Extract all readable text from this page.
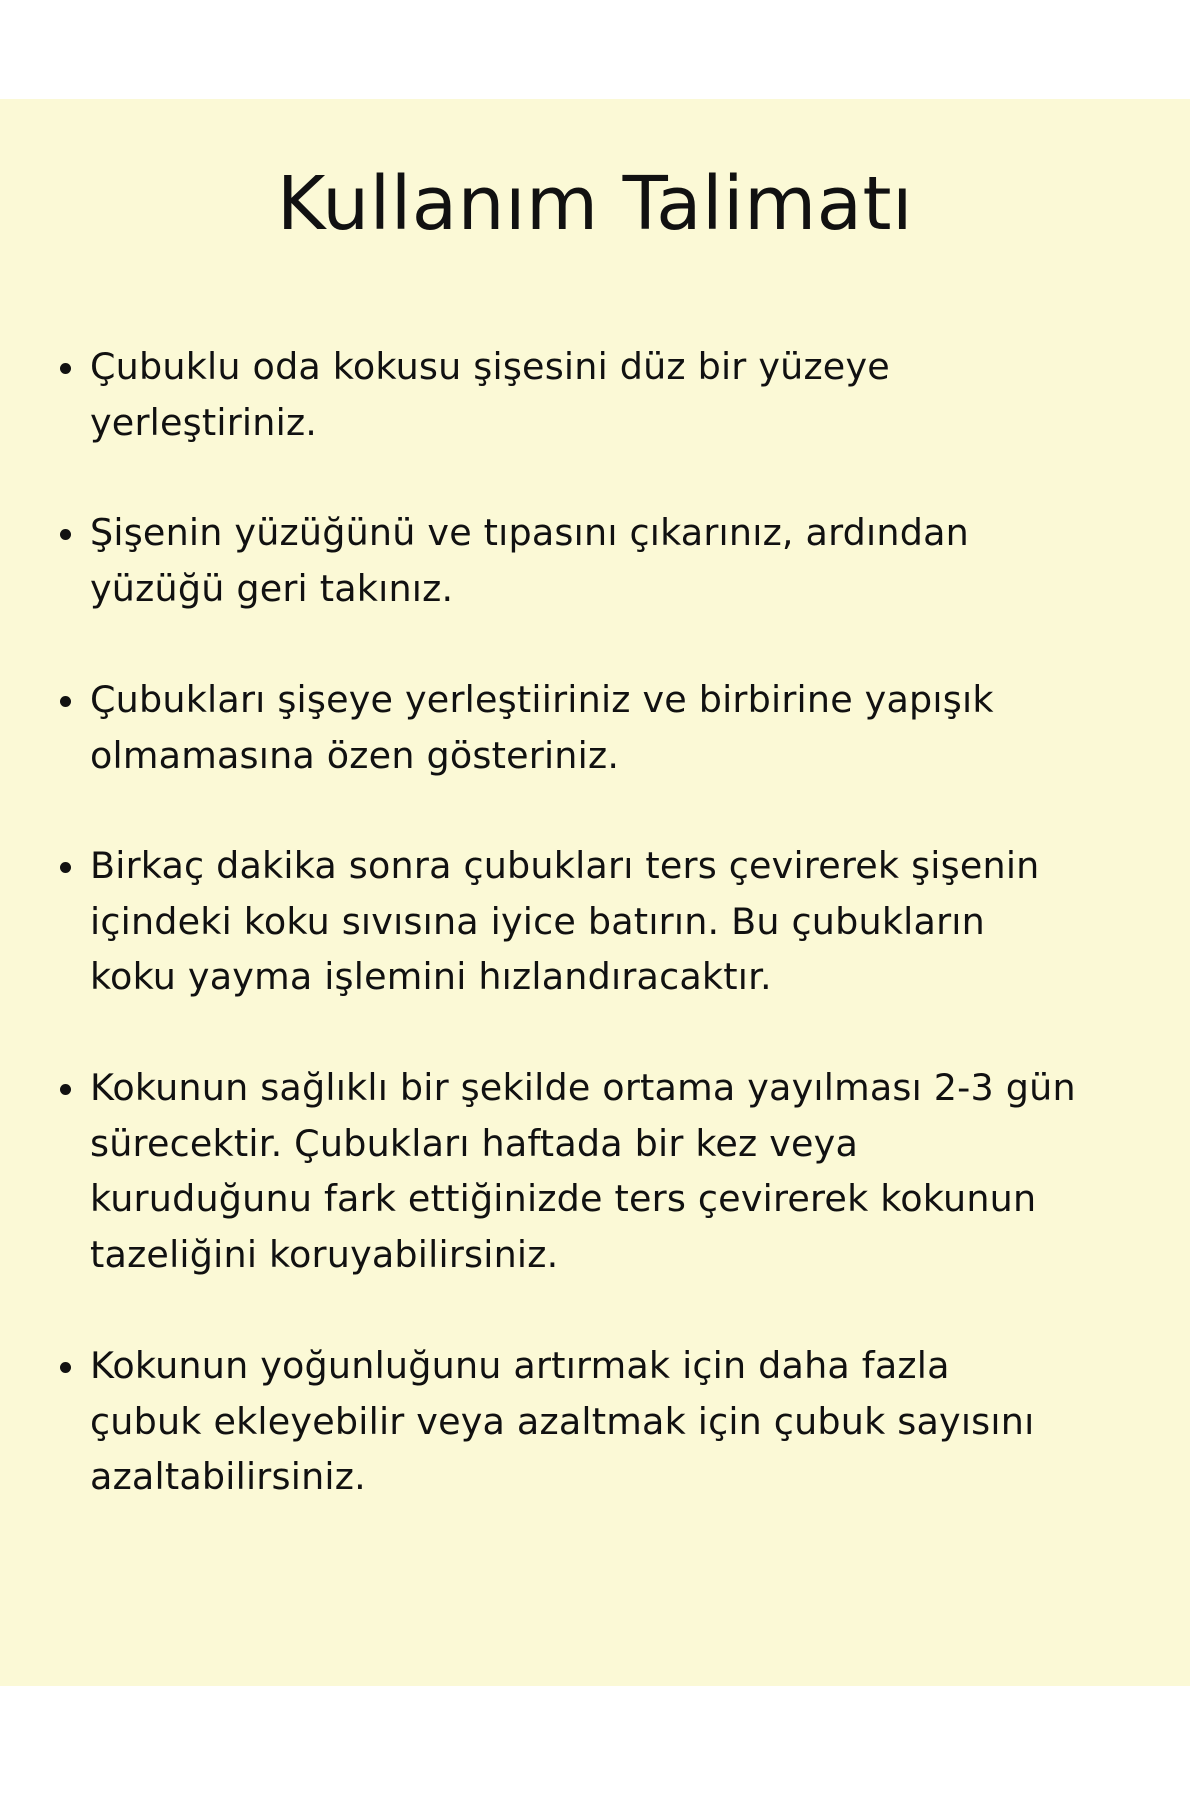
Kullanım Talimatı
Çubuklu oda kokusu şişesini düz bir yüzeye
yerleştiriniz.
Şişenin yüzüğünü ve tıpasını çıkarınız, ardından
yüzüğü geri takınız.
Çubukları şişeye yerleştiiriniz ve birbirine yapışık
olmamasına özen gösteriniz.
Birkaç dakika sonra çubukları ters çevirerek şişenin
içindeki koku sıvısına iyice batırın. Bu çubukların
koku yayma işlemini hızlandıracaktır.
Kokunun sağlıklı bir şekilde ortama yayılması 2-3 gün
sürecektir. Çubukları haftada bir kez veya
kuruduğunu fark ettiğinizde ters çevirerek kokunun
tazeliğini koruyabilirsiniz.
Kokunun yoğunluğunu artırmak için daha fazla
çubuk ekleyebilir veya azaltmak için çubuk sayısını
azaltabilirsiniz.
